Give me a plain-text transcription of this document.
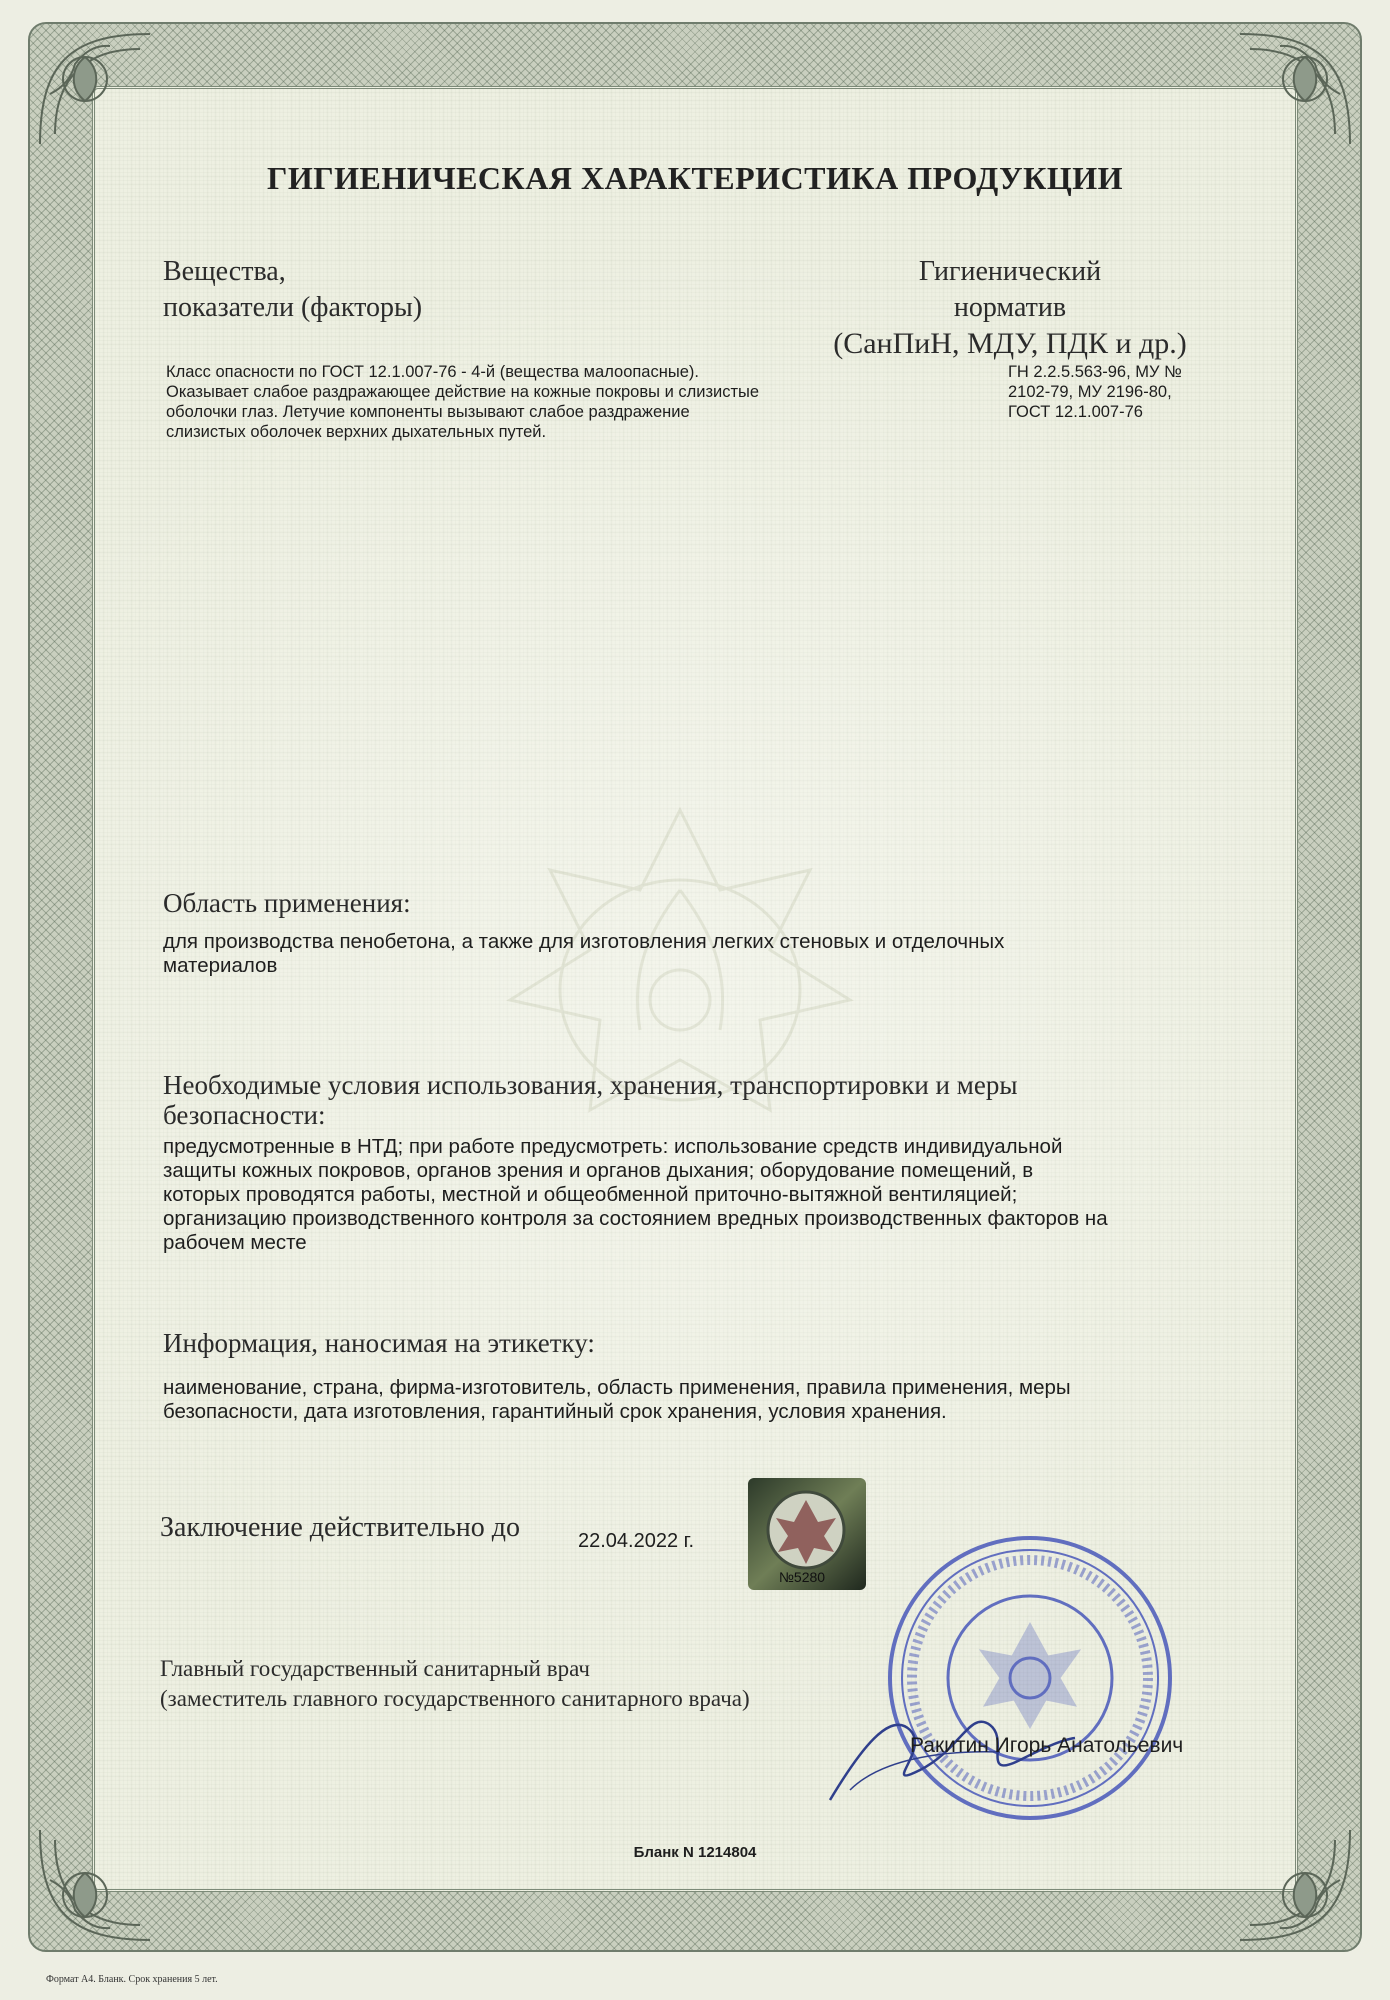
ГИГИЕНИЧЕСКАЯ ХАРАКТЕРИСТИКА ПРОДУКЦИИ
Вещества,
показатели (факторы)
Гигиенический
норматив
(СанПиН, МДУ, ПДК и др.)
Класс опасности по ГОСТ 12.1.007-76 - 4-й (вещества малоопасные).
Оказывает слабое раздражающее действие на кожные покровы и слизистые
оболочки глаз. Летучие компоненты вызывают слабое раздражение
слизистых оболочек верхних дыхательных путей.
ГН 2.2.5.563-96, МУ №
2102-79, МУ 2196-80,
ГОСТ 12.1.007-76
Область применения:
для производства пенобетона, а также для изготовления легких стеновых и отделочных
материалов
Необходимые условия использования, хранения, транспортировки и меры
безопасности:
предусмотренные в НТД; при работе предусмотреть: использование средств индивидуальной
защиты кожных покровов, органов зрения и органов дыхания; оборудование помещений, в
которых проводятся работы, местной и общеобменной приточно-вытяжной вентиляцией;
организацию производственного контроля за состоянием вредных производственных факторов на
рабочем месте
Информация, наносимая на этикетку:
наименование, страна, фирма-изготовитель, область применения, правила применения, меры
безопасности, дата изготовления, гарантийный срок хранения, условия хранения.
№5280
Заключение действительно до	22.04.2022 г.
Главный государственный санитарный врач
(заместитель главного государственного санитарного врача)
Ракитин Игорь Анатольевич
Бланк N 1214804
Формат А4. Бланк. Срок хранения 5 лет.
